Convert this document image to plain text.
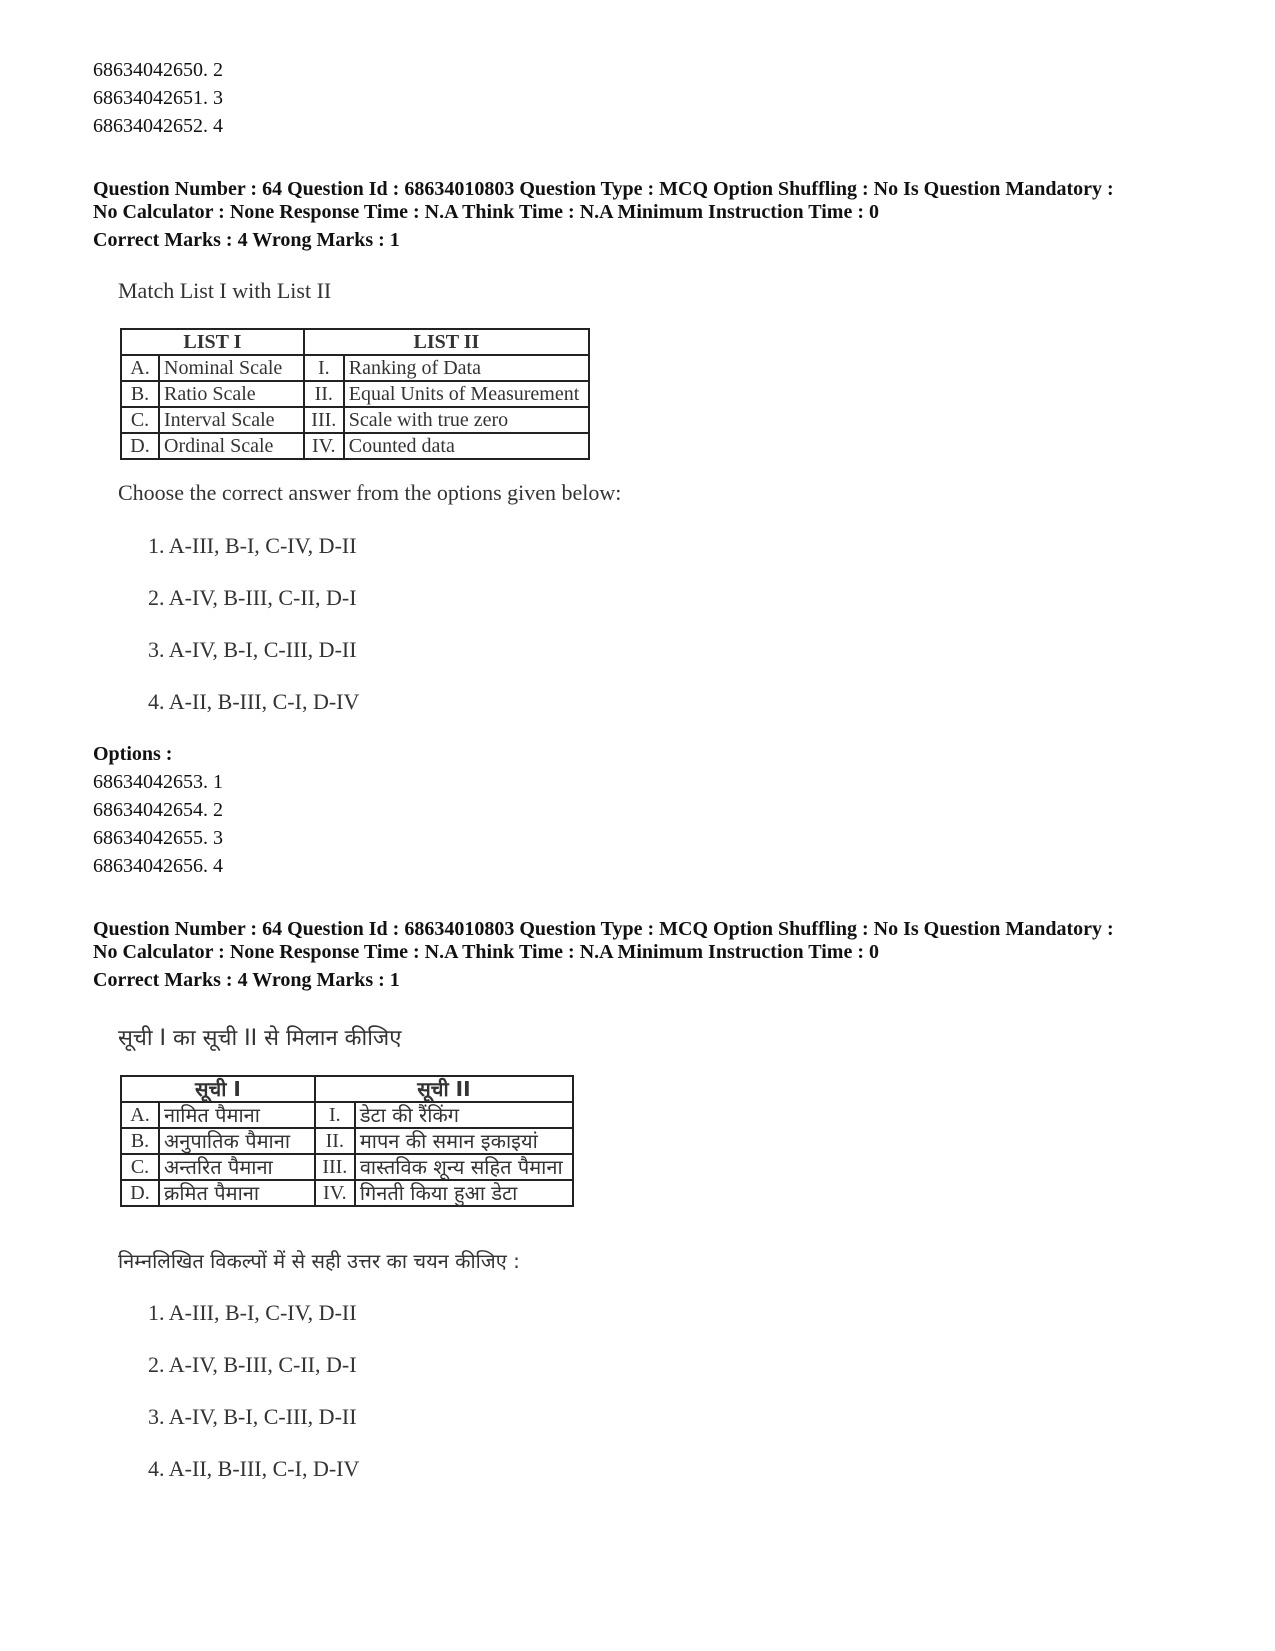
68634042650. 2
68634042651. 3
68634042652. 4
Question Number : 64 Question Id : 68634010803 Question Type : MCQ Option Shuffling : No Is Question Mandatory :
No Calculator : None Response Time : N.A Think Time : N.A Minimum Instruction Time : 0
Correct Marks : 4 Wrong Marks : 1
Match List I with List II
LIST I		LIST II	
A.	Nominal Scale	I.	Ranking of Data
B.	Ratio Scale	II.	Equal Units of Measurement
C.	Interval Scale	III.	Scale with true zero
D.	Ordinal Scale	IV.	Counted data
Choose the correct answer from the options given below:
1. A-III, B-I, C-IV, D-II
2. A-IV, B-III, C-II, D-I
3. A-IV, B-I, C-III, D-II
4. A-II, B-III, C-I, D-IV
Options :
68634042653. 1
68634042654. 2
68634042655. 3
68634042656. 4
Question Number : 64 Question Id : 68634010803 Question Type : MCQ Option Shuffling : No Is Question Mandatory :
No Calculator : None Response Time : N.A Think Time : N.A Minimum Instruction Time : 0
Correct Marks : 4 Wrong Marks : 1
सूची I का सूची II से मिलान कीजिए
सूची I		सूची II	
A.	नामित पैमाना	I.	डेटा की रैंकिंग
B.	अनुपातिक पैमाना	II.	मापन की समान इकाइयां
C.	अन्तरित पैमाना	III.	वास्तविक शून्य सहित पैमाना
D.	क्रमित पैमाना	IV.	गिनती किया हुआ डेटा
निम्नलिखित विकल्पों में से सही उत्तर का चयन कीजिए :
1. A-III, B-I, C-IV, D-II
2. A-IV, B-III, C-II, D-I
3. A-IV, B-I, C-III, D-II
4. A-II, B-III, C-I, D-IV
